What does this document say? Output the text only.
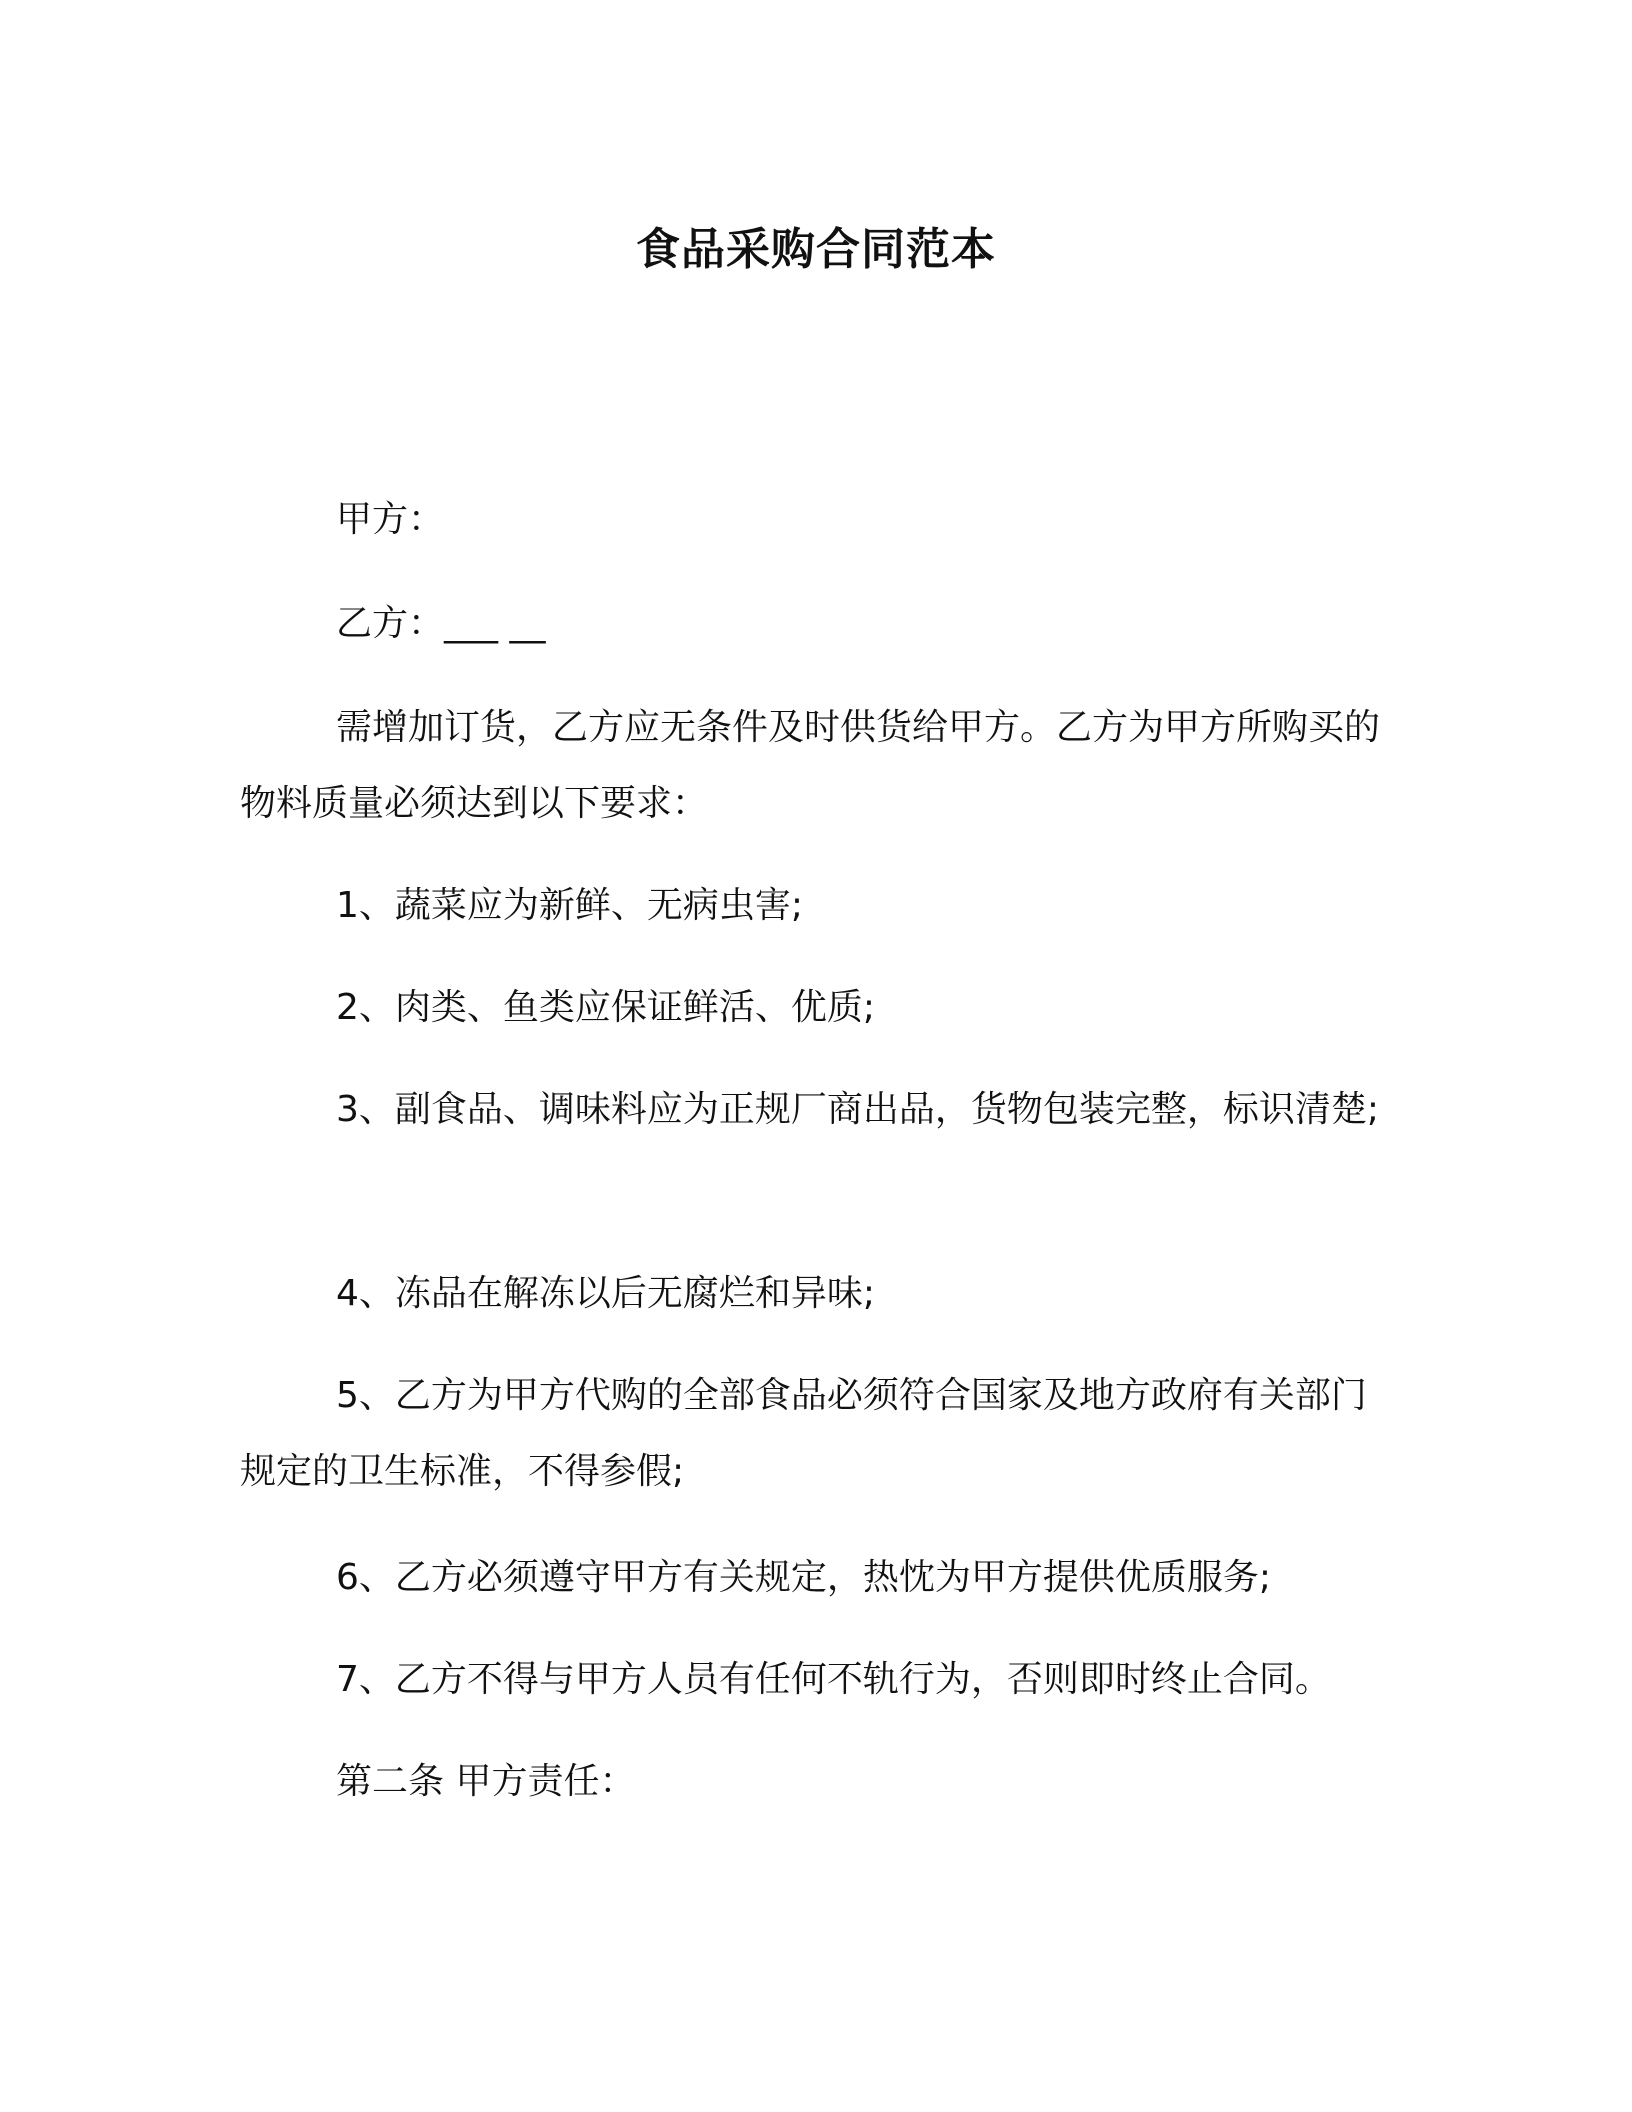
食品采购合同范本
甲方：
乙方：___ __
需增加订货，乙方应无条件及时供货给甲方。乙方为甲方所购买的物料质量必须达到以下要求：
1、蔬菜应为新鲜、无病虫害;
2、肉类、鱼类应保证鲜活、优质;
3、副食品、调味料应为正规厂商出品，货物包装完整，标识清楚;
4、冻品在解冻以后无腐烂和异味;
5、乙方为甲方代购的全部食品必须符合国家及地方政府有关部门规定的卫生标准，不得参假;
6、乙方必须遵守甲方有关规定，热忱为甲方提供优质服务;
7、乙方不得与甲方人员有任何不轨行为，否则即时终止合同。
第二条 甲方责任：
